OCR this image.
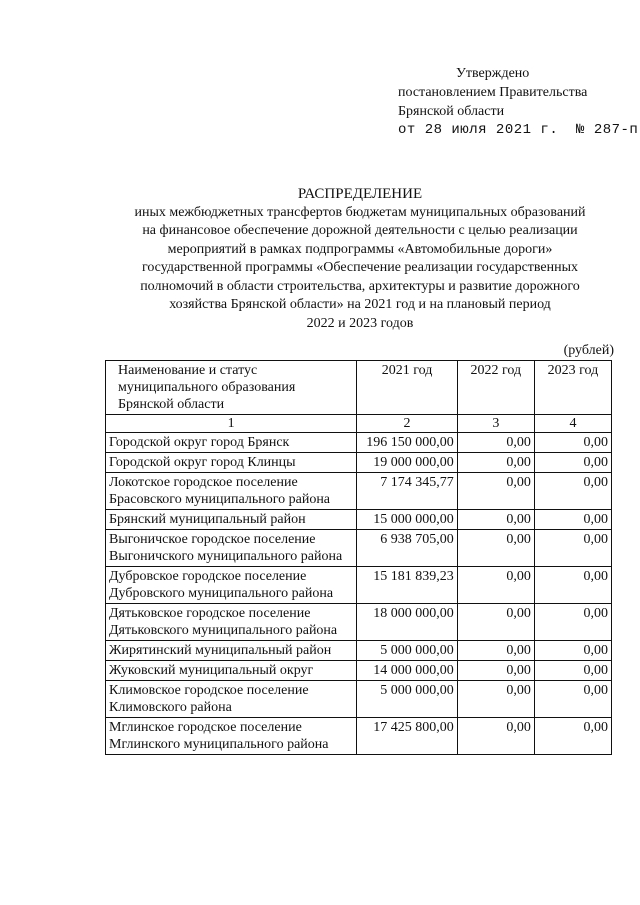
Утверждено
постановлением Правительства
Брянской области
от 28 июля 2021 г.  № 287-п
РАСПРЕДЕЛЕНИЕ
иных межбюджетных трансфертов бюджетам муниципальных образований
на финансовое обеспечение дорожной деятельности с целью реализации
мероприятий в рамках подпрограммы «Автомобильные дороги»
государственной программы «Обеспечение реализации государственных
полномочий в области строительства, архитектуры и развитие дорожного
хозяйства Брянской области» на 2021 год и на плановый период
2022 и 2023 годов
(рублей)
Наименование и статус муниципального образования Брянской области	2021 год	2022 год	2023 год
1	2	3	4
Городской округ город Брянск	196 150 000,00	0,00	0,00
Городской округ город Клинцы	19 000 000,00	0,00	0,00
Локотское городское поселение Брасовского муниципального района	7 174 345,77	0,00	0,00
Брянский муниципальный район	15 000 000,00	0,00	0,00
Выгоничское городское поселение Выгоничского муниципального района	6 938 705,00	0,00	0,00
Дубровское городское поселение Дубровского муниципального района	15 181 839,23	0,00	0,00
Дятьковское городское поселение Дятьковского муниципального района	18 000 000,00	0,00	0,00
Жирятинский муниципальный район	5 000 000,00	0,00	0,00
Жуковский муниципальный округ	14 000 000,00	0,00	0,00
Климовское городское поселение Климовского района	5 000 000,00	0,00	0,00
Мглинское городское поселение Мглинского муниципального района	17 425 800,00	0,00	0,00
